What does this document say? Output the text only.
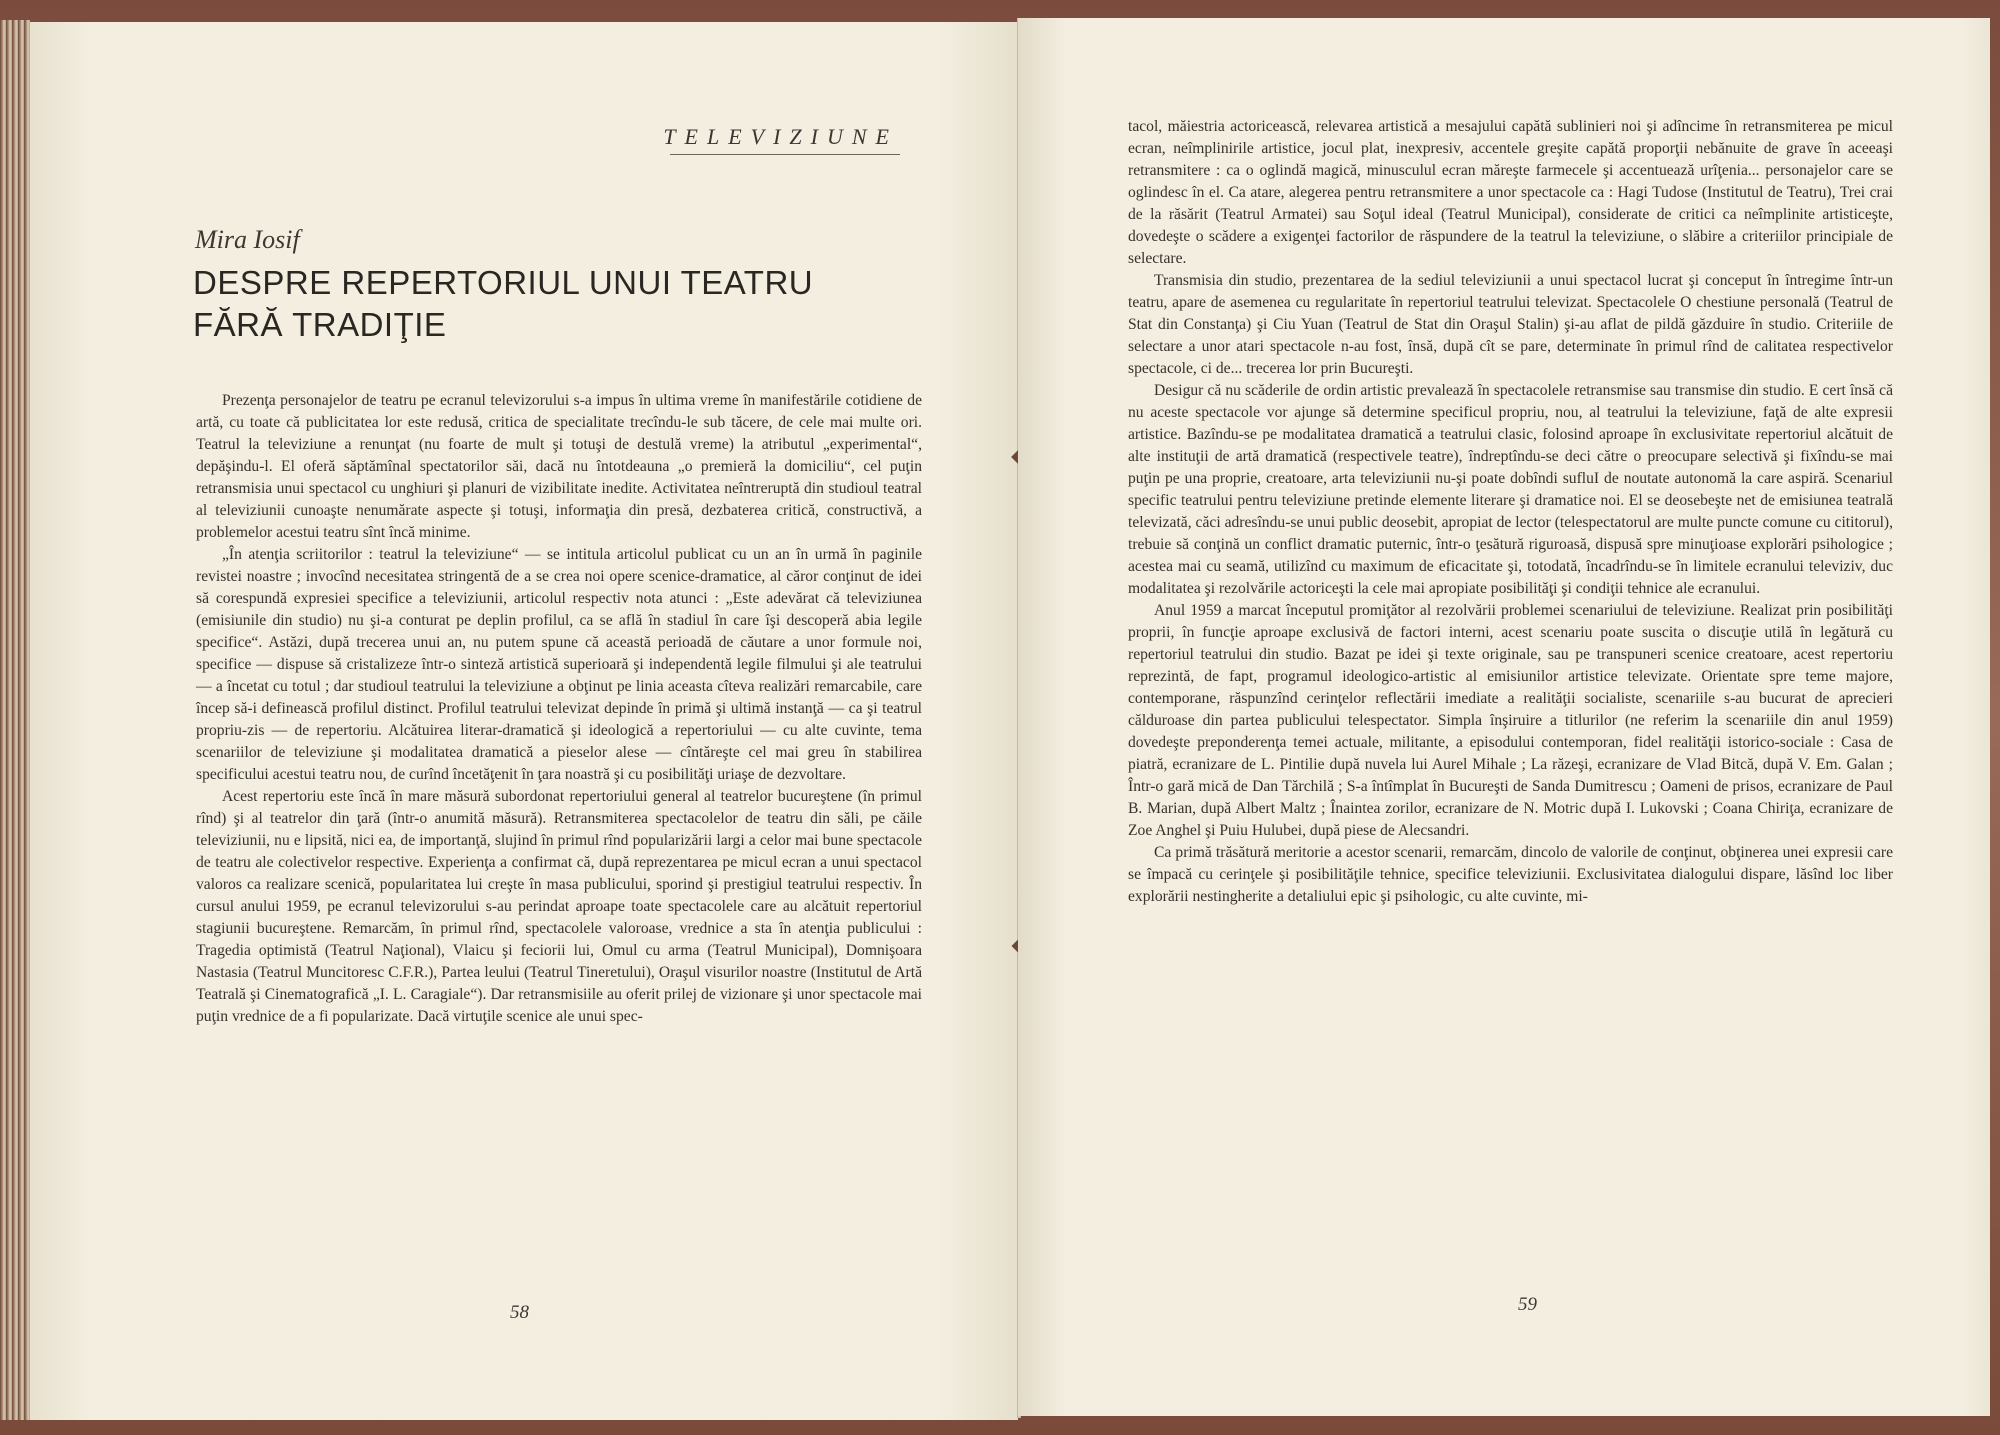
TELEVIZIUNE
Mira Iosif
DESPRE REPERTORIUL UNUI TEATRU
FĂRĂ TRADIŢIE

Prezenţa personajelor de teatru pe ecranul televizorului s-a impus în ultima vreme în manifestările cotidiene de artă, cu toate că publicitatea lor este redusă, critica de specialitate trecîndu-le sub tăcere, de cele mai multe ori. Teatrul la televiziune a renunţat (nu foarte de mult şi totuşi de destulă vreme) la atributul „experimental“, depăşindu-l. El oferă săptămînal spectatorilor săi, dacă nu întotdeauna „o premieră la domiciliu“, cel puţin retransmisia unui spectacol cu unghiuri şi planuri de vizibilitate inedite. Activitatea neîntreruptă din studioul teatral al televiziunii cunoaşte nenumărate aspecte şi totuşi, informaţia din presă, dezbaterea critică, constructivă, a problemelor acestui teatru sînt încă minime.

„În atenţia scriitorilor : teatrul la televiziune“ — se intitula articolul publicat cu un an în urmă în paginile revistei noastre ; invocînd necesitatea stringentă de a se crea noi opere scenice-dramatice, al căror conţinut de idei să corespundă expresiei specifice a televiziunii, articolul respectiv nota atunci : „Este adevărat că televiziunea (emisiunile din studio) nu şi-a conturat pe deplin profilul, ca se află în stadiul în care îşi descoperă abia legile specifice“. Astăzi, după trecerea unui an, nu putem spune că această perioadă de căutare a unor formule noi, specifice — dispuse să cristalizeze într-o sinteză artistică superioară şi independentă legile filmului şi ale teatrului — a încetat cu totul ; dar studioul teatrului la televiziune a obţinut pe linia aceasta cîteva realizări remarcabile, care încep să-i definească profilul distinct. Profilul teatrului televizat depinde în primă şi ultimă instanţă — ca şi teatrul propriu-zis — de repertoriu. Alcătuirea literar-dramatică şi ideologică a repertoriului — cu alte cuvinte, tema scenariilor de televiziune şi modalitatea dramatică a pieselor alese — cîntăreşte cel mai greu în stabilirea specificului acestui teatru nou, de curînd încetăţenit în ţara noastră şi cu posibilităţi uriaşe de dezvoltare.

Acest repertoriu este încă în mare măsură subordonat repertoriului general al teatrelor bucureştene (în primul rînd) şi al teatrelor din ţară (într-o anumită măsură). Retransmiterea spectacolelor de teatru din săli, pe căile televiziunii, nu e lipsită, nici ea, de importanţă, slujind în primul rînd popularizării largi a celor mai bune spectacole de teatru ale colectivelor respective. Experienţa a confirmat că, după reprezentarea pe micul ecran a unui spectacol valoros ca realizare scenică, popularitatea lui creşte în masa publicului, sporind şi prestigiul teatrului respectiv. În cursul anului 1959, pe ecranul televizorului s-au perindat aproape toate spectacolele care au alcătuit repertoriul stagiunii bucureştene. Remarcăm, în primul rînd, spectacolele valoroase, vrednice a sta în atenţia publicului : Tragedia optimistă (Teatrul Naţional), Vlaicu şi feciorii lui, Omul cu arma (Teatrul Municipal), Domnişoara Nastasia (Teatrul Muncitoresc C.F.R.), Partea leului (Teatrul Tineretului), Oraşul visurilor noastre (Institutul de Artă Teatrală şi Cinematografică „I. L. Caragiale“). Dar retransmisiile au oferit prilej de vizionare şi unor spectacole mai puţin vrednice de a fi popularizate. Dacă virtuţile scenice ale unui spec-

58

tacol, măiestria actoricească, relevarea artistică a mesajului capătă sublinieri noi şi adîncime în retransmiterea pe micul ecran, neîmplinirile artistice, jocul plat, inexpresiv, accentele greşite capătă proporţii nebănuite de grave în aceeaşi retransmitere : ca o oglindă magică, minusculul ecran măreşte farmecele şi accentuează urîţenia... personajelor care se oglindesc în el. Ca atare, alegerea pentru retransmitere a unor spectacole ca : Hagi Tudose (Institutul de Teatru), Trei crai de la răsărit (Teatrul Armatei) sau Soţul ideal (Teatrul Municipal), considerate de critici ca neîmplinite artisticeşte, dovedeşte o scădere a exigenţei factorilor de răspundere de la teatrul la televiziune, o slăbire a criteriilor principiale de selectare.

Transmisia din studio, prezentarea de la sediul televiziunii a unui spectacol lucrat şi conceput în întregime într-un teatru, apare de asemenea cu regularitate în repertoriul teatrului televizat. Spectacolele O chestiune personală (Teatrul de Stat din Constanţa) şi Ciu Yuan (Teatrul de Stat din Oraşul Stalin) şi-au aflat de pildă găzduire în studio. Criteriile de selectare a unor atari spectacole n-au fost, însă, după cît se pare, determinate în primul rînd de calitatea respectivelor spectacole, ci de... trecerea lor prin Bucureşti.

Desigur că nu scăderile de ordin artistic prevalează în spectacolele retransmise sau transmise din studio. E cert însă că nu aceste spectacole vor ajunge să determine specificul propriu, nou, al teatrului la televiziune, faţă de alte expresii artistice. Bazîndu-se pe modalitatea dramatică a teatrului clasic, folosind aproape în exclusivitate repertoriul alcătuit de alte instituţii de artă dramatică (respectivele teatre), îndreptîndu-se deci către o preocupare selectivă şi fixîndu-se mai puţin pe una proprie, creatoare, arta televiziunii nu-şi poate dobîndi sufluI de noutate autonomă la care aspiră. Scenariul specific teatrului pentru televiziune pretinde elemente literare şi dramatice noi. El se deosebeşte net de emisiunea teatrală televizată, căci adresîndu-se unui public deosebit, apropiat de lector (telespectatorul are multe puncte comune cu cititorul), trebuie să conţină un conflict dramatic puternic, într-o ţesătură riguroasă, dispusă spre minuţioase explorări psihologice ; acestea mai cu seamă, utilizînd cu maximum de eficacitate şi, totodată, încadrîndu-se în limitele ecranului televiziv, duc modalitatea şi rezolvările actoriceşti la cele mai apropiate posibilităţi şi condiţii tehnice ale ecranului.

Anul 1959 a marcat începutul promiţător al rezolvării problemei scenariului de televiziune. Realizat prin posibilităţi proprii, în funcţie aproape exclusivă de factori interni, acest scenariu poate suscita o discuţie utilă în legătură cu repertoriul teatrului din studio. Bazat pe idei şi texte originale, sau pe transpuneri scenice creatoare, acest repertoriu reprezintă, de fapt, programul ideologico-artistic al emisiunilor artistice televizate. Orientate spre teme majore, contemporane, răspunzînd cerinţelor reflectării imediate a realităţii socialiste, scenariile s-au bucurat de aprecieri călduroase din partea publicului telespectator. Simpla înşiruire a titlurilor (ne referim la scenariile din anul 1959) dovedeşte preponderenţa temei actuale, militante, a episodului contemporan, fidel realităţii istorico-sociale : Casa de piatră, ecranizare de L. Pintilie după nuvela lui Aurel Mihale ; La răzeşi, ecranizare de Vlad Bitcă, după V. Em. Galan ; Într-o gară mică de Dan Tărchilă ; S-a întîmplat în Bucureşti de Sanda Dumitrescu ; Oameni de prisos, ecranizare de Paul B. Marian, după Albert Maltz ; Înaintea zorilor, ecranizare de N. Motric după I. Lukovski ; Coana Chiriţa, ecranizare de Zoe Anghel şi Puiu Hulubei, după piese de Alecsandri.

Ca primă trăsătură meritorie a acestor scenarii, remarcăm, dincolo de valorile de conţinut, obţinerea unei expresii care se împacă cu cerinţele şi posibilităţile tehnice, specifice televiziunii. Exclusivitatea dialogului dispare, lăsînd loc liber explorării nestingherite a detaliului epic şi psihologic, cu alte cuvinte, mi-

59
